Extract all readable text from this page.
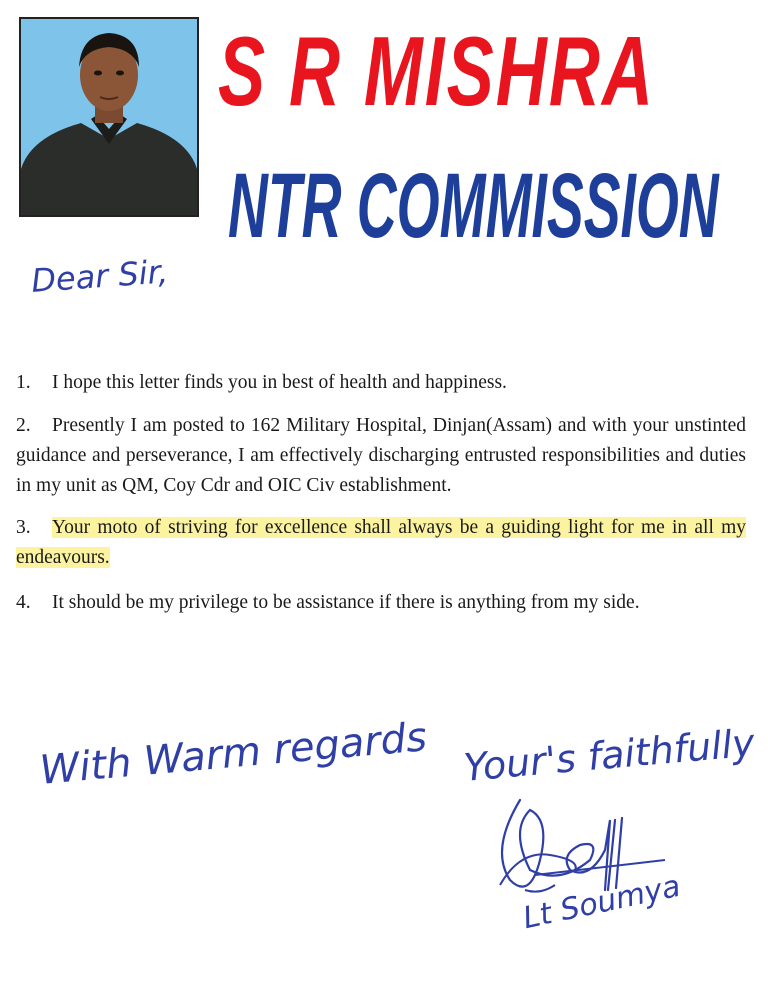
S R MISHRA
NTR COMMISSION
Dear Sir,
1. I hope this letter finds you in best of health and happiness.
2. Presently I am posted to 162 Military Hospital, Dinjan(Assam) and with your unstinted guidance and perseverance, I am effectively discharging entrusted responsibilities and duties in my unit as QM, Coy Cdr and OIC Civ establishment.
3. Your moto of striving for excellence shall always be a guiding light for me in all my endeavours.
4. It should be my privilege to be assistance if there is anything from my side.
With Warm regards Your's faithfully
Lt Soumya
